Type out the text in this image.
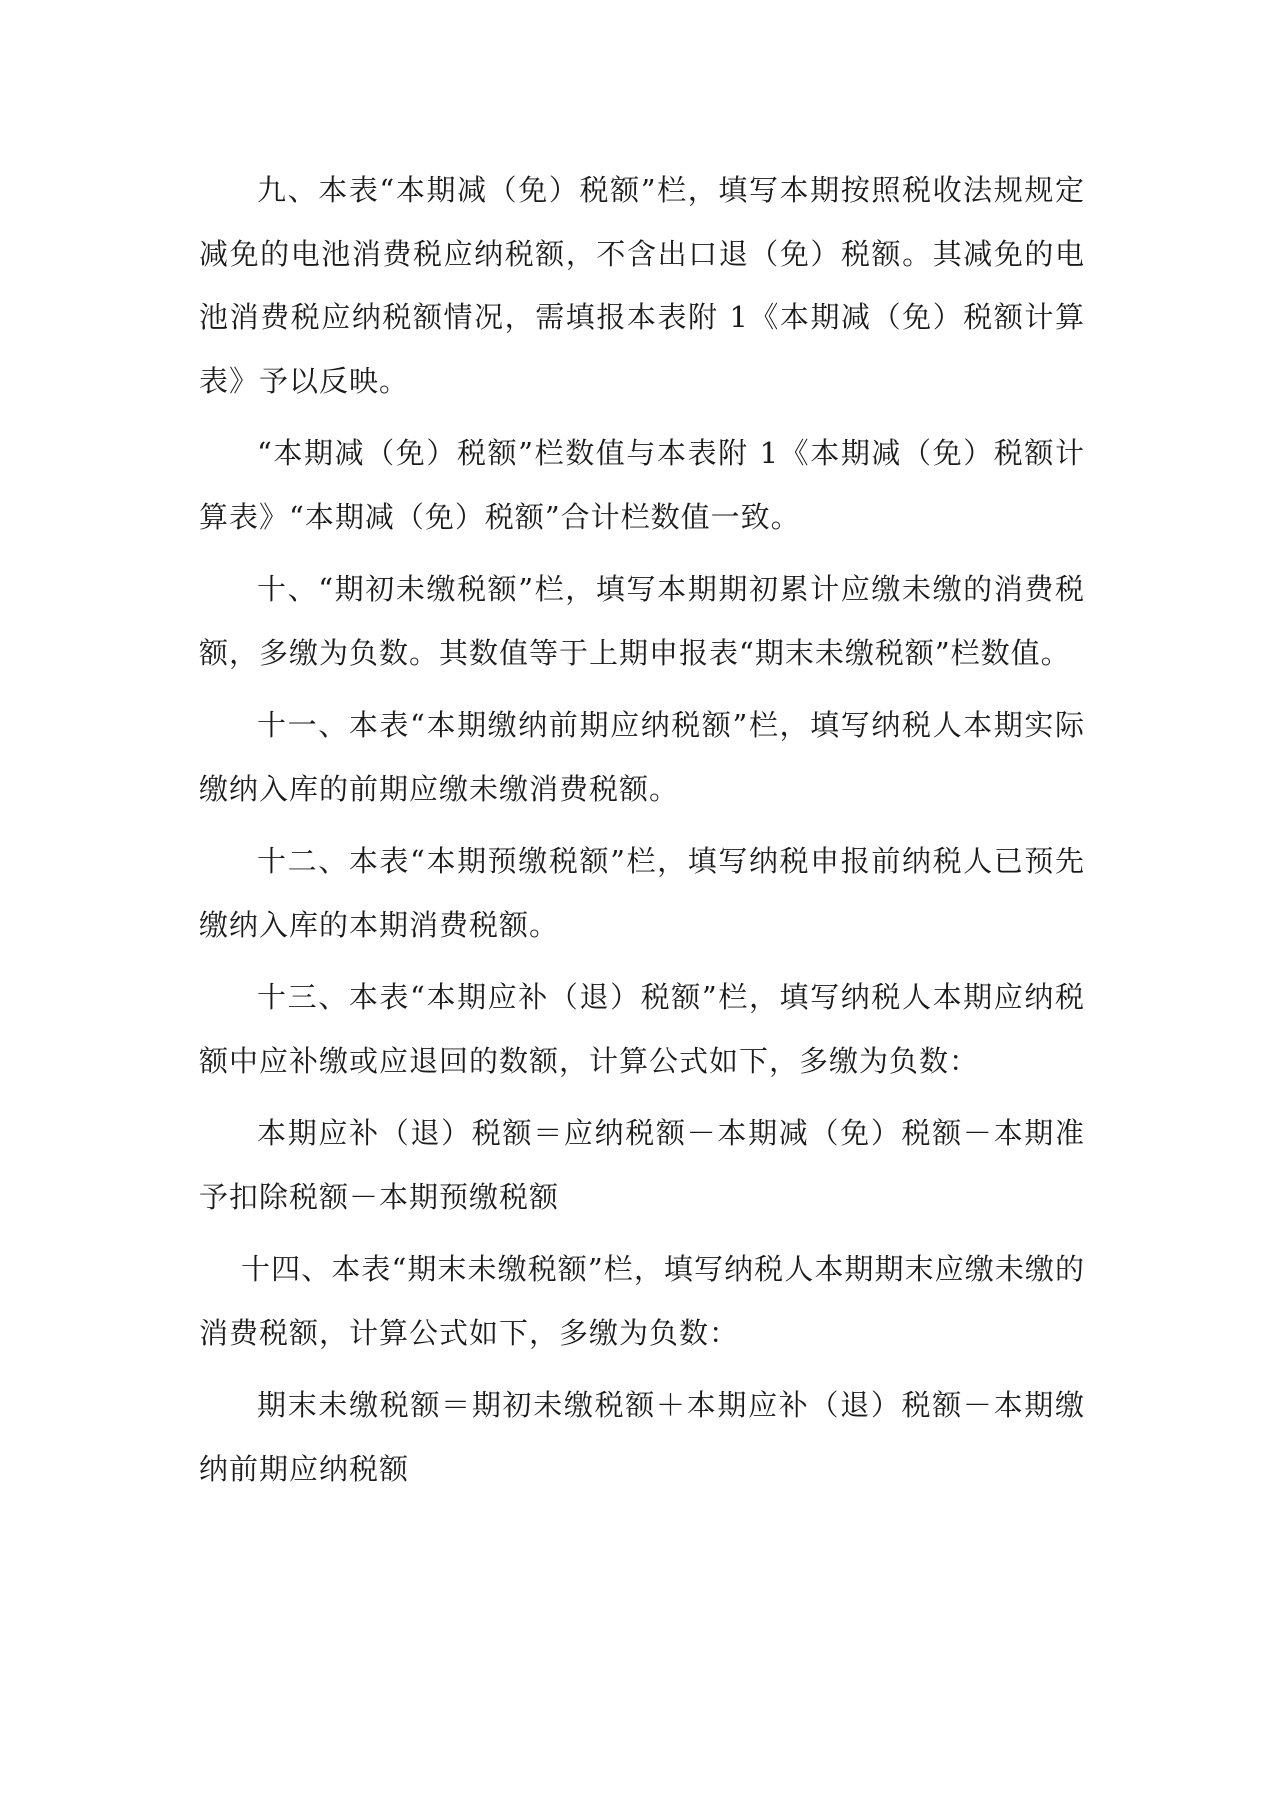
九、本表“本期减（免）税额”栏，填写本期按照税收法规规定减免的电池消费税应纳税额，不含出口退（免）税额。其减免的电池消费税应纳税额情况，需填报本表附 1《本期减（免）税额计算表》予以反映。

“本期减（免）税额”栏数值与本表附 1《本期减（免）税额计算表》“本期减（免）税额”合计栏数值一致。

十、“期初未缴税额”栏，填写本期期初累计应缴未缴的消费税额，多缴为负数。其数值等于上期申报表“期末未缴税额”栏数值。

十一、本表“本期缴纳前期应纳税额”栏，填写纳税人本期实际缴纳入库的前期应缴未缴消费税额。

十二、本表“本期预缴税额”栏，填写纳税申报前纳税人已预先缴纳入库的本期消费税额。

十三、本表“本期应补（退）税额”栏，填写纳税人本期应纳税额中应补缴或应退回的数额，计算公式如下，多缴为负数：

本期应补（退）税额＝应纳税额－本期减（免）税额－本期准予扣除税额－本期预缴税额

十四、本表“期末未缴税额”栏，填写纳税人本期期末应缴未缴的消费税额，计算公式如下，多缴为负数：

期末未缴税额＝期初未缴税额＋本期应补（退）税额－本期缴纳前期应纳税额
